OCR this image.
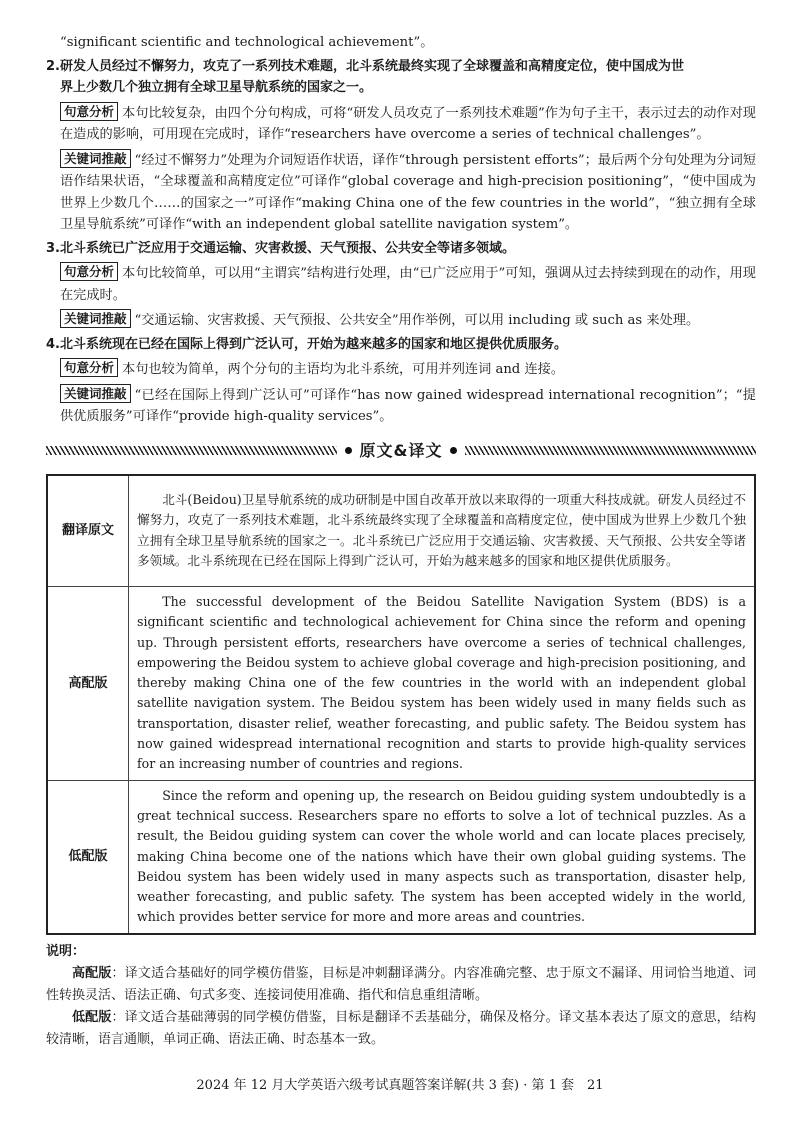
“significant scientific and technological achievement”。
2.研发人员经过不懈努力，攻克了一系列技术难题，北斗系统最终实现了全球覆盖和高精度定位，使中国成为世
界上少数几个独立拥有全球卫星导航系统的国家之一。
句意分析 本句比较复杂，由四个分句构成，可将“研发人员攻克了一系列技术难题”作为句子主干，表示过去的动作对现在造成的影响，可用现在完成时，译作“researchers have overcome a series of technical challenges”。
关键词推敲 “经过不懈努力”处理为介词短语作状语，译作“through persistent efforts”；最后两个分句处理为分词短语作结果状语，“全球覆盖和高精度定位”可译作“global coverage and high-precision positioning”，“使中国成为世界上少数几个……的国家之一”可译作“making China one of the few countries in the world”，“独立拥有全球卫星导航系统”可译作“with an independent global satellite navigation system”。
3.北斗系统已广泛应用于交通运输、灾害救援、天气预报、公共安全等诸多领域。
句意分析 本句比较简单，可以用“主谓宾”结构进行处理，由“已广泛应用于”可知，强调从过去持续到现在的动作，用现在完成时。
关键词推敲 “交通运输、灾害救援、天气预报、公共安全”用作举例，可以用 including 或 such as 来处理。
4.北斗系统现在已经在国际上得到广泛认可，开始为越来越多的国家和地区提供优质服务。
句意分析 本句也较为简单，两个分句的主语均为北斗系统，可用并列连词 and 连接。
关键词推敲 “已经在国际上得到广泛认可”可译作“has now gained widespread international recognition”；“提供优质服务”可译作“provide high-quality services”。
原文&译文
翻译原文	北斗(Beidou)卫星导航系统的成功研制是中国自改革开放以来取得的一项重大科技成就。研发人员经过不懈努力，攻克了一系列技术难题，北斗系统最终实现了全球覆盖和高精度定位，使中国成为世界上少数几个独立拥有全球卫星导航系统的国家之一。北斗系统已广泛应用于交通运输、灾害救援、天气预报、公共安全等诸多领域。北斗系统现在已经在国际上得到广泛认可，开始为越来越多的国家和地区提供优质服务。

高配版	The successful development of the Beidou Satellite Navigation System (BDS) is a significant scientific and technological achievement for China since the reform and opening up. Through persistent efforts, researchers have overcome a series of technical challenges, empowering the Beidou system to achieve global coverage and high-precision positioning, and thereby making China one of the few countries in the world with an independent global satellite navigation system. The Beidou system has been widely used in many fields such as transportation, disaster relief, weather forecasting, and public safety. The Beidou system has now gained widespread international recognition and starts to provide high-quality services for an increasing number of countries and regions.

低配版	Since the reform and opening up, the research on Beidou guiding system undoubtedly is a great technical success. Researchers spare no efforts to solve a lot of technical puzzles. As a result, the Beidou guiding system can cover the whole world and can locate places precisely, making China become one of the nations which have their own global guiding systems. The Beidou system has been widely used in many aspects such as transportation, disaster help, weather forecasting, and public safety. The system has been accepted widely in the world, which provides better service for more and more areas and countries.
说明：
高配版：译文适合基础好的同学模仿借鉴，目标是冲刺翻译满分。内容准确完整、忠于原文不漏译、用词恰当地道、词性转换灵活、语法正确、句式多变、连接词使用准确、指代和信息重组清晰。
低配版：译文适合基础薄弱的同学模仿借鉴，目标是翻译不丢基础分，确保及格分。译文基本表达了原文的意思，结构较清晰，语言通顺，单词正确、语法正确、时态基本一致。
2024 年 12 月大学英语六级考试真题答案详解(共 3 套) · 第 1 套　21
